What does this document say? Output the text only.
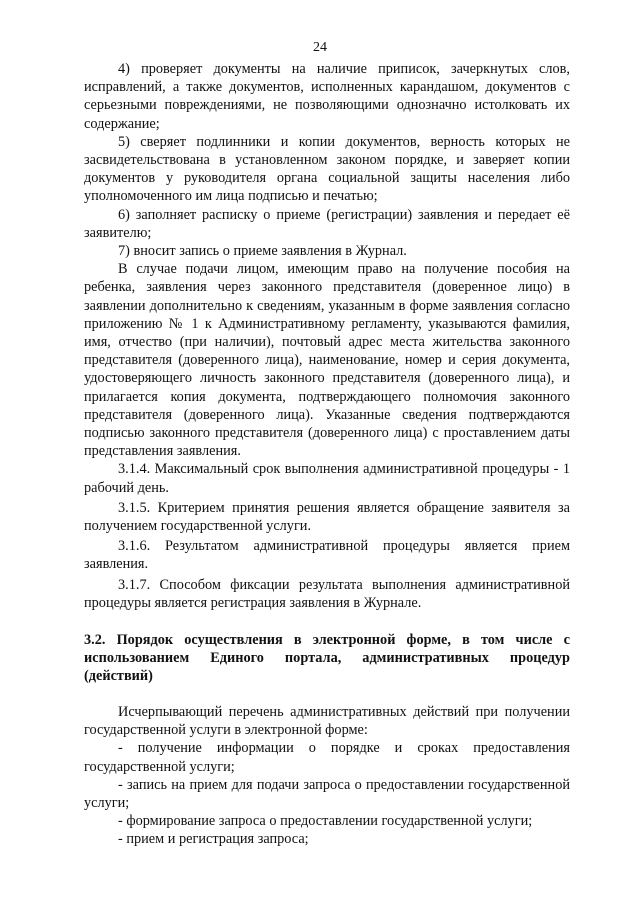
24

4) проверяет документы на наличие приписок, зачеркнутых слов, исправлений, а также документов, исполненных карандашом, документов с серьезными повреждениями, не позволяющими однозначно истолковать их содержание;

5) сверяет подлинники и копии документов, верность которых не засвидетельствована в установленном законом порядке, и заверяет копии документов у руководителя органа социальной защиты населения либо уполномоченного им лица подписью и печатью;

6) заполняет расписку о приеме (регистрации) заявления и передает её заявителю;

7) вносит запись о приеме заявления в Журнал.

В случае подачи лицом, имеющим право на получение пособия на ребенка, заявления через законного представителя (доверенное лицо) в заявлении дополнительно к сведениям, указанным в форме заявления согласно приложению № 1 к Административному регламенту, указываются фамилия, имя, отчество (при наличии), почтовый адрес места жительства законного представителя (доверенного лица), наименование, номер и серия документа, удостоверяющего личность законного представителя (доверенного лица), и прилагается копия документа, подтверждающего полномочия законного представителя (доверенного лица). Указанные сведения подтверждаются подписью законного представителя (доверенного лица) с проставлением даты представления заявления.

3.1.4. Максимальный срок выполнения административной процедуры - 1 рабочий день.

3.1.5. Критерием принятия решения является обращение заявителя за получением государственной услуги.

3.1.6. Результатом административной процедуры является прием заявления.

3.1.7. Способом фиксации результата выполнения административной процедуры является регистрация заявления в Журнале.

3.2. Порядок осуществления в электронной форме, в том числе с использованием Единого портала, административных процедур (действий)

Исчерпывающий перечень административных действий при получении государственной услуги в электронной форме:

- получение информации о порядке и сроках предоставления государственной услуги;

- запись на прием для подачи запроса о предоставлении государственной услуги;

- формирование запроса о предоставлении государственной услуги;

- прием и регистрация запроса;
